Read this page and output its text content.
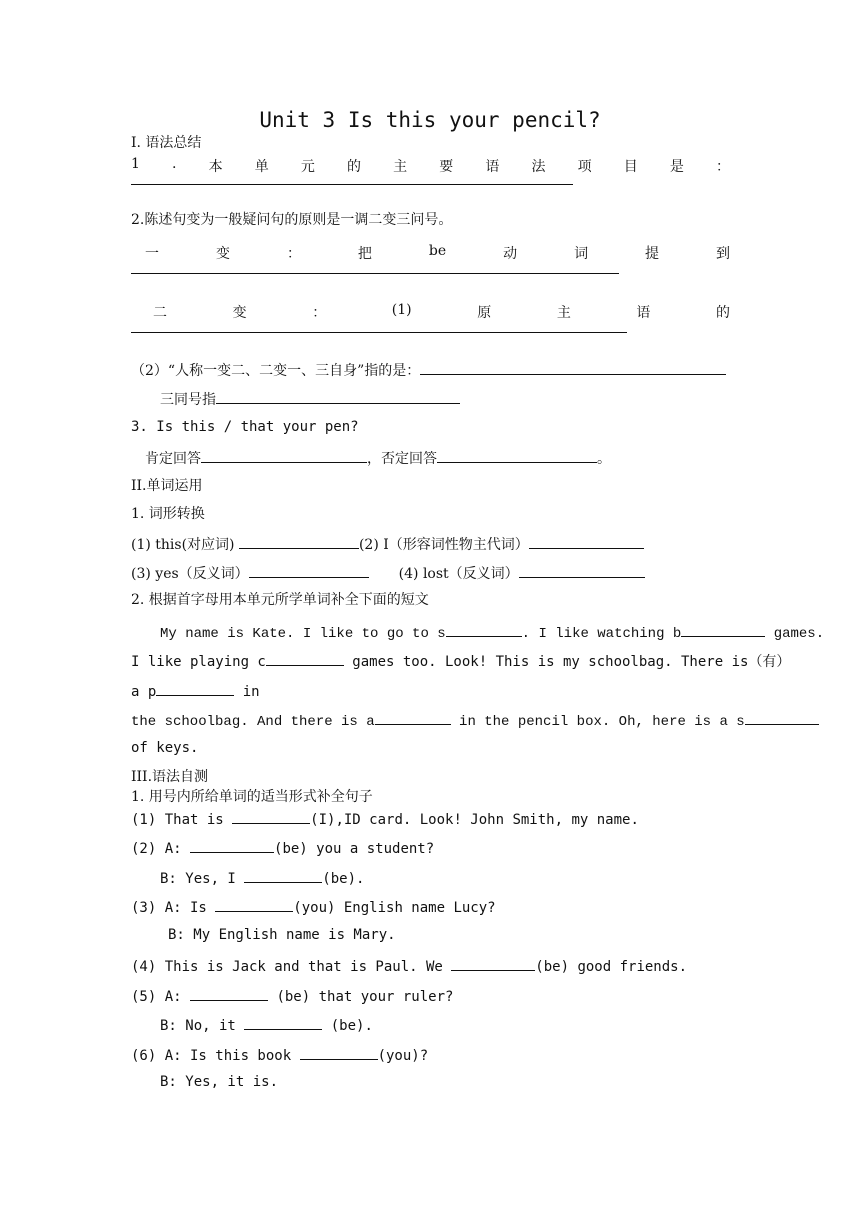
Unit 3 Is this your pencil?
I. 语法总结
1 . 本 单 元 的 主 要 语 法 项 目 是 ：
2.陈述句变为一般疑问句的原则是一调二变三问号。
一	变	：	把	be	动	词	提	到
二	变	：	(1)	原	主	语	的
（2）“人称一变二、二变一、三自身”指的是：
三同号指
3. Is this / that your pen?
肯定回答	，否定回答	。
II.单词运用
1. 词形转换
(1) this(对应词)	(2) I（形容词性物主代词）
(3) yes（反义词）	(4) lost（反义词）
2. 根据首字母用本单元所学单词补全下面的短文
My name is Kate. I like to go to s	. I like watching b	games.
I like playing c	games too. Look! This is my schoolbag. There is（有）
a p	in
the schoolbag. And there is a	in the pencil box. Oh, here is a s
of keys.
III.语法自测
1. 用号内所给单词的适当形式补全句子
(1) That is	(I),ID card. Look! John Smith, my name.
(2) A:	(be) you a student?
B: Yes, I	(be).
(3) A: Is	(you) English name Lucy?
B: My English name is Mary.
(4) This is Jack and that is Paul. We	(be) good friends.
(5) A:	(be) that your ruler?
B: No, it	(be).
(6) A: Is this book	(you)?
B: Yes, it is.
